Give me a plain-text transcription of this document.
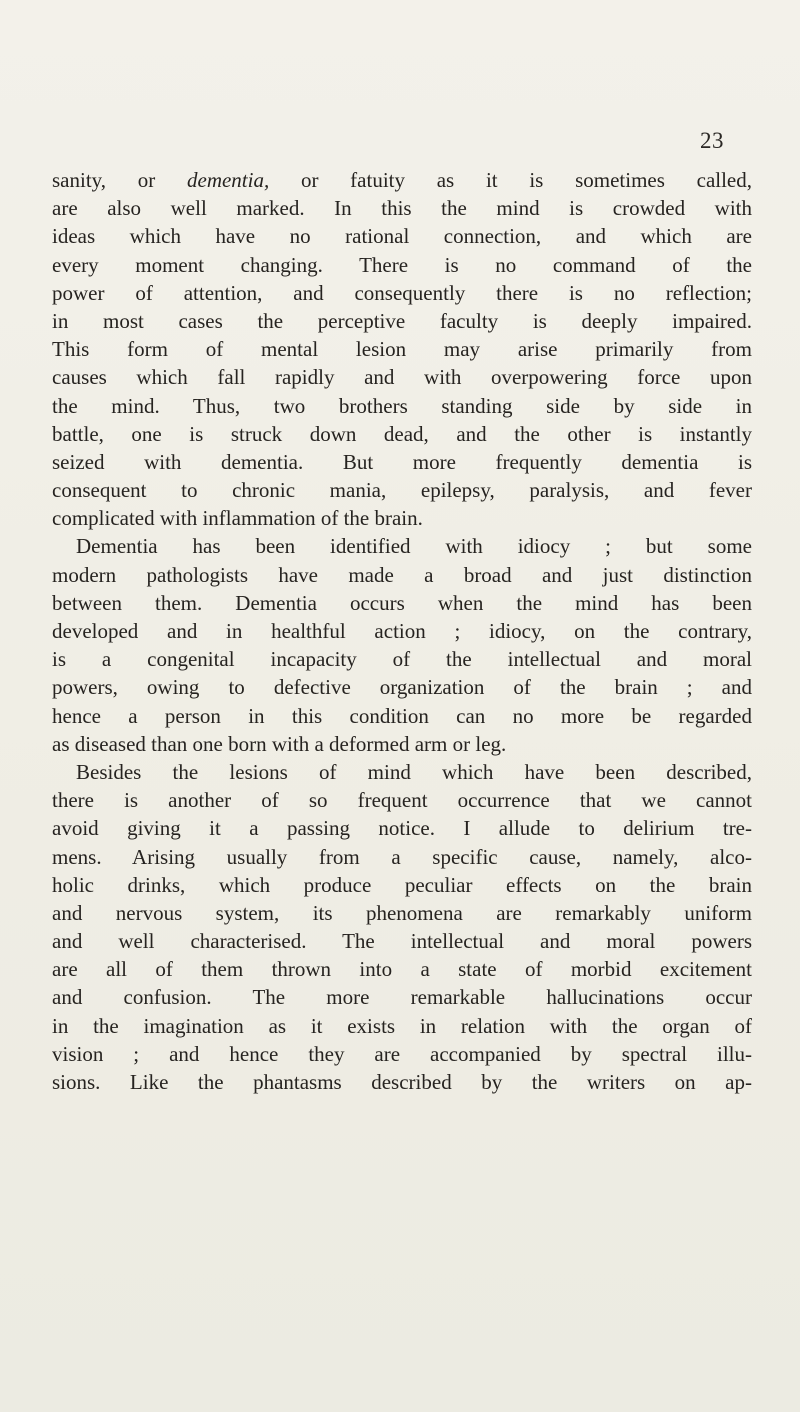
23
sanity, or dementia, or fatuity as it is sometimes called,
are also well marked. In this the mind is crowded with
ideas which have no rational connection, and which are
every moment changing. There is no command of the
power of attention, and consequently there is no reflection;
in most cases the perceptive faculty is deeply impaired.
This form of mental lesion may arise primarily from
causes which fall rapidly and with overpowering force upon
the mind. Thus, two brothers standing side by side in
battle, one is struck down dead, and the other is instantly
seized with dementia. But more frequently dementia is
consequent to chronic mania, epilepsy, paralysis, and fever
complicated with inflammation of the brain.
Dementia has been identified with idiocy ; but some
modern pathologists have made a broad and just distinction
between them. Dementia occurs when the mind has been
developed and in healthful action ; idiocy, on the contrary,
is a congenital incapacity of the intellectual and moral
powers, owing to defective organization of the brain ; and
hence a person in this condition can no more be regarded
as diseased than one born with a deformed arm or leg.
Besides the lesions of mind which have been described,
there is another of so frequent occurrence that we cannot
avoid giving it a passing notice. I allude to delirium tre-
mens. Arising usually from a specific cause, namely, alco-
holic drinks, which produce peculiar effects on the brain
and nervous system, its phenomena are remarkably uniform
and well characterised. The intellectual and moral powers
are all of them thrown into a state of morbid excitement
and confusion. The more remarkable hallucinations occur
in the imagination as it exists in relation with the organ of
vision ; and hence they are accompanied by spectral illu-
sions. Like the phantasms described by the writers on ap-
